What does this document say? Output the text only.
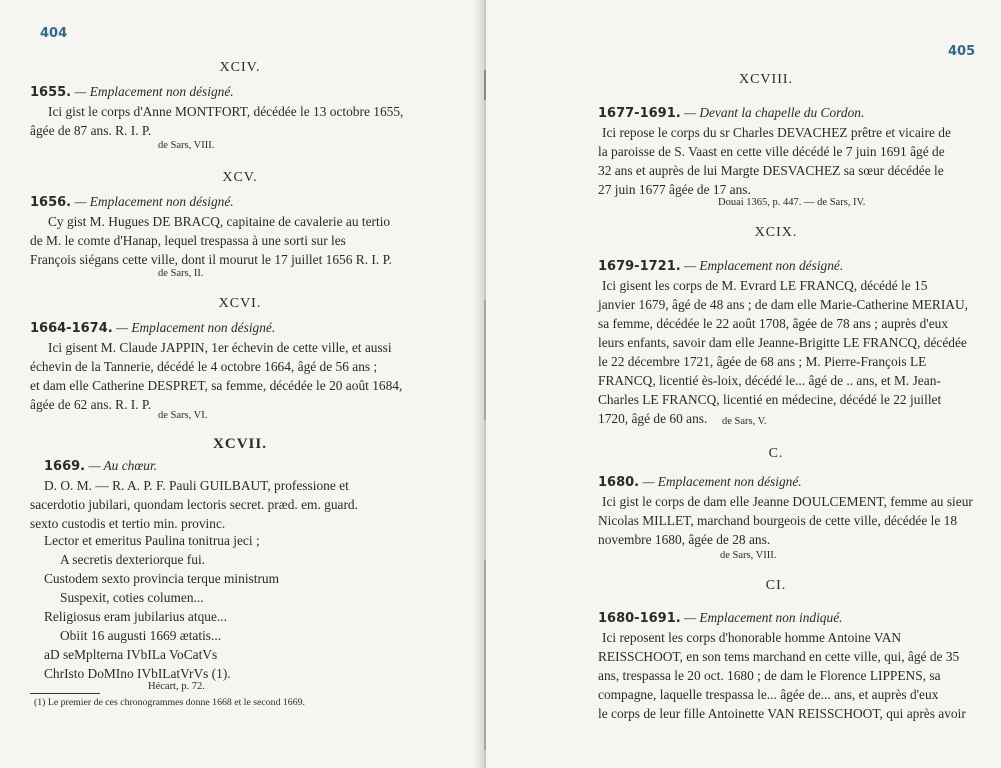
404
XCIV.
1655. — Emplacement non désigné.
Ici gist le corps d'Anne MONTFORT, décédée le 13 octobre 1655,
âgée de 87 ans. R. I. P.
de Sars, VIII.
XCV.
1656. — Emplacement non désigné.
Cy gist M. Hugues DE BRACQ, capitaine de cavalerie au tertio
de M. le comte d'Hanap, lequel trespassa à une sorti sur les
François siégans cette ville, dont il mourut le 17 juillet 1656 R. I. P.
de Sars, II.
XCVI.
1664-1674. — Emplacement non désigné.
Ici gisent M. Claude JAPPIN, 1er échevin de cette ville, et aussi
échevin de la Tannerie, décédé le 4 octobre 1664, âgé de 56 ans ;
et dam elle Catherine DESPRET, sa femme, décédée le 20 août 1684,
âgée de 62 ans. R. I. P.
de Sars, VI.
XCVII.
1669. — Au chœur.
D. O. M. — R. A. P. F. Pauli GUILBAUT, professione et
sacerdotio jubilari, quondam lectoris secret. præd. em. guard.
sexto custodis et tertio min. provinc.
Lector et emeritus Paulina tonitrua jeci ;
A secretis dexteriorque fui.
Custodem sexto provincia terque ministrum
Suspexit, coties columen...
Religiosus eram jubilarius atque...
Obiit 16 augusti 1669 ætatis...
aD seMplterna IVbILa VoCatVs
ChrIsto DoMIno IVbILatVrVs (1).
Hécart, p. 72.
(1) Le premier de ces chronogrammes donne 1668 et le second 1669.
405
XCVIII.
1677-1691. — Devant la chapelle du Cordon.
Ici repose le corps du sr Charles DEVACHEZ prêtre et vicaire de
la paroisse de S. Vaast en cette ville décédé le 7 juin 1691 âgé de
32 ans et auprès de lui Margte DESVACHEZ sa sœur décédée le
27 juin 1677 âgée de 17 ans.
Douai 1365, p. 447. — de Sars, IV.
XCIX.
1679-1721. — Emplacement non désigné.
Ici gisent les corps de M. Evrard LE FRANCQ, décédé le 15
janvier 1679, âgé de 48 ans ; de dam elle Marie-Catherine MERIAU,
sa femme, décédée le 22 août 1708, âgée de 78 ans ; auprès d'eux
leurs enfants, savoir dam elle Jeanne-Brigitte LE FRANCQ, décédée
le 22 décembre 1721, âgée de 68 ans ; M. Pierre-François LE
FRANCQ, licentié ès-loix, décédé le... âgé de .. ans, et M. Jean-
Charles LE FRANCQ, licentié en médecine, décédé le 22 juillet
1720, âgé de 60 ans.	de Sars, V.
C.
1680. — Emplacement non désigné.
Ici gist le corps de dam elle Jeanne DOULCEMENT, femme au sieur
Nicolas MILLET, marchand bourgeois de cette ville, décédée le 18
novembre 1680, âgée de 28 ans.
de Sars, VIII.
CI.
1680-1691. — Emplacement non indiqué.
Ici reposent les corps d'honorable homme Antoine VAN
REISSCHOOT, en son tems marchand en cette ville, qui, âgé de 35
ans, trespassa le 20 oct. 1680 ; de dam le Florence LIPPENS, sa
compagne, laquelle trespassa le... âgée de... ans, et auprès d'eux
le corps de leur fille Antoinette VAN REISSCHOOT, qui après avoir
